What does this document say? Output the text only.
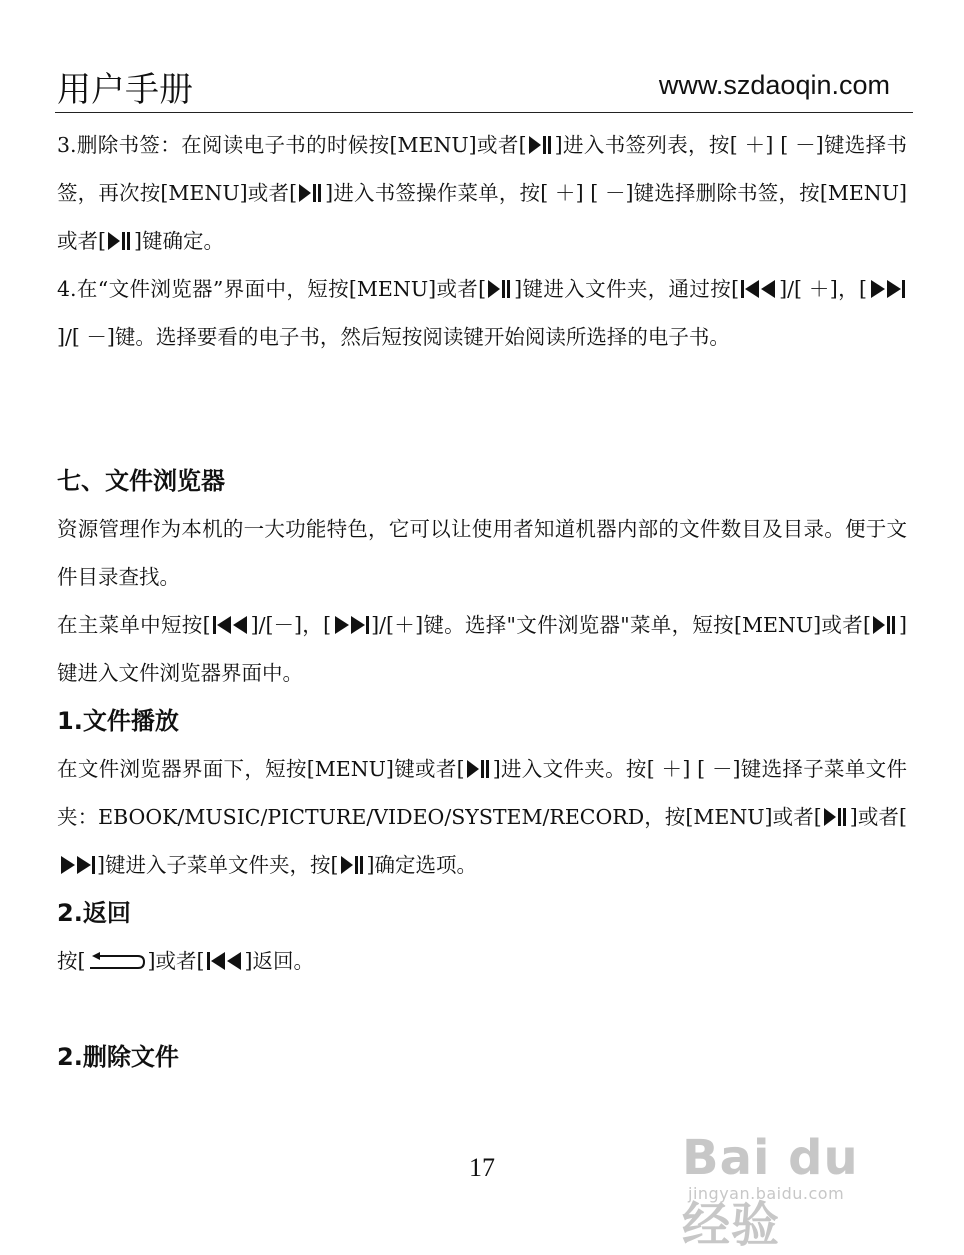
用户手册	www.szdaoqin.com

3.删除书签：在阅读电子书的时候按[MENU]或者[ ]进入书签列表，按[ ＋] [ －]键选择书签，再次按[MENU]或者[ ]进入书签操作菜单，按[ ＋] [ －]键选择删除书签，按[MENU]或者[ ]键确定。

4.在“文件浏览器”界面中，短按[MENU]或者[ ]键进入文件夹，通过按[ ]/[ ＋]，[
]/[ －]键。选择要看的电子书，然后短按阅读键开始阅读所选择的电子书。

七、文件浏览器

资源管理作为本机的一大功能特色，它可以让使用者知道机器内部的文件数目及目录。便于文件目录查找。

在主菜单中短按[ ]/[－]，[ ]/[＋]键。选择"文件浏览器"菜单，短按[MENU]或者[ ]键进入文件浏览器界面中。

1.文件播放

在文件浏览器界面下，短按[MENU]键或者[ ]进入文件夹。按[ ＋] [ －]键选择子菜单文件夹：EBOOK/MUSIC/PICTURE/VIDEO/SYSTEM/RECORD，按[MENU]或者[ ]或者[
]键进入子菜单文件夹，按[ ]确定选项。

2.返回

按[	]或者[ ]返回。

2.删除文件

17	Bai du 经验
jingyan.baidu.com
